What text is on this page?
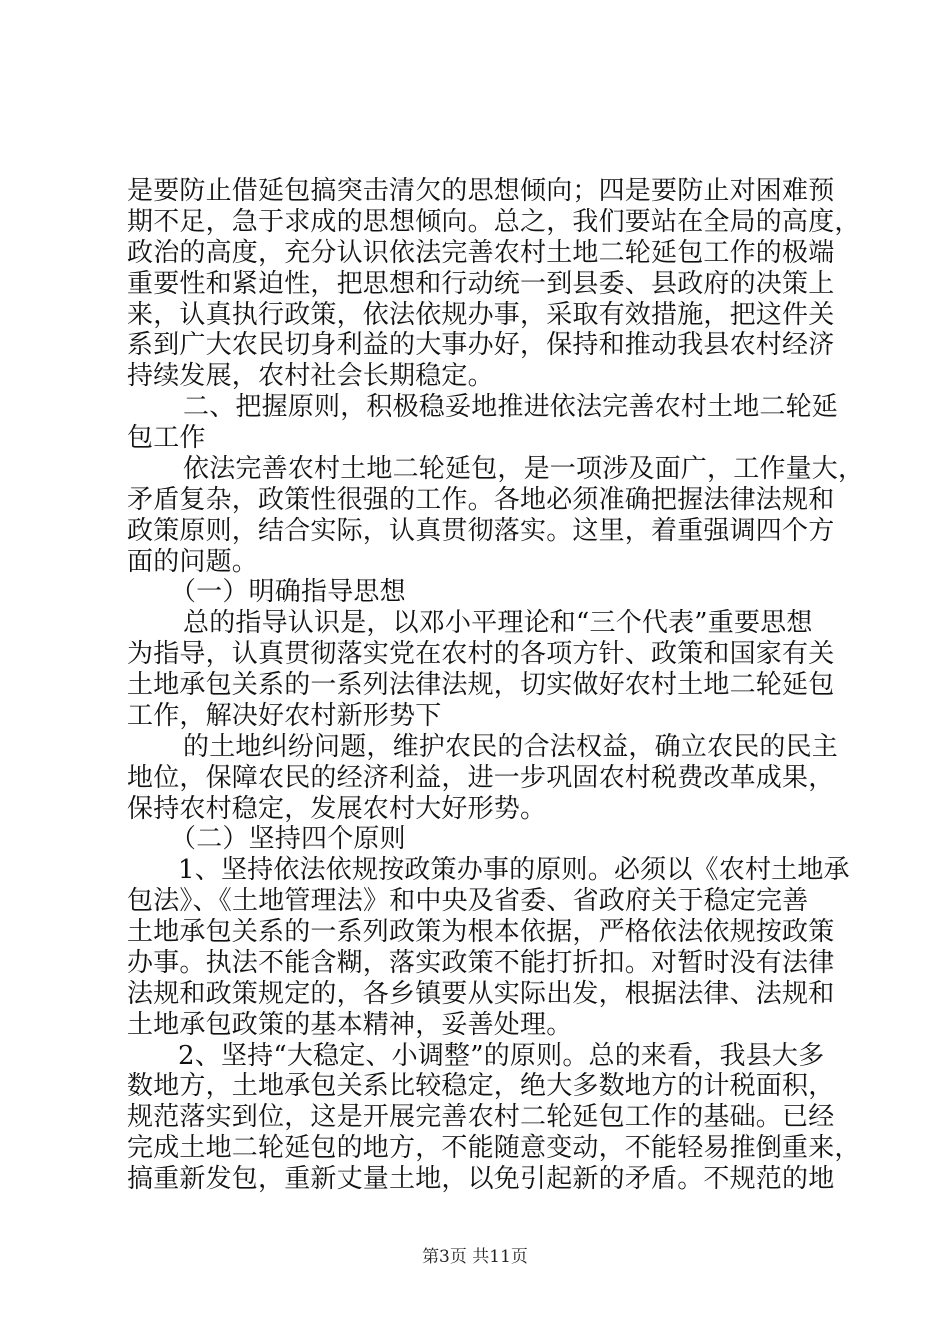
是要防止借延包搞突击清欠的思想倾向；四是要防止对困难预
期不足，急于求成的思想倾向。总之，我们要站在全局的高度，
政治的高度，充分认识依法完善农村土地二轮延包工作的极端
重要性和紧迫性，把思想和行动统一到县委、县政府的决策上
来，认真执行政策，依法依规办事，采取有效措施，把这件关
系到广大农民切身利益的大事办好，保持和推动我县农村经济
持续发展，农村社会长期稳定。
二、把握原则，积极稳妥地推进依法完善农村土地二轮延
包工作
依法完善农村土地二轮延包，是一项涉及面广，工作量大，
矛盾复杂，政策性很强的工作。各地必须准确把握法律法规和
政策原则，结合实际，认真贯彻落实。这里，着重强调四个方
面的问题。
（一）明确指导思想
总的指导认识是，以邓小平理论和“三个代表”重要思想
为指导，认真贯彻落实党在农村的各项方针、政策和国家有关
土地承包关系的一系列法律法规，切实做好农村土地二轮延包
工作，解决好农村新形势下
的土地纠纷问题，维护农民的合法权益，确立农民的民主
地位，保障农民的经济利益，进一步巩固农村税费改革成果，
保持农村稳定，发展农村大好形势。
（二）坚持四个原则
1、坚持依法依规按政策办事的原则。必须以《农村土地承
包法》、《土地管理法》和中央及省委、省政府关于稳定完善
土地承包关系的一系列政策为根本依据，严格依法依规按政策
办事。执法不能含糊，落实政策不能打折扣。对暂时没有法律
法规和政策规定的，各乡镇要从实际出发，根据法律、法规和
土地承包政策的基本精神，妥善处理。
2、坚持“大稳定、小调整”的原则。总的来看，我县大多
数地方，土地承包关系比较稳定，绝大多数地方的计税面积，
第3页 共11页
规范落实到位，这是开展完善农村二轮延包工作的基础。已经
完成土地二轮延包的地方，不能随意变动，不能轻易推倒重来，
搞重新发包，重新丈量土地，以免引起新的矛盾。不规范的地
